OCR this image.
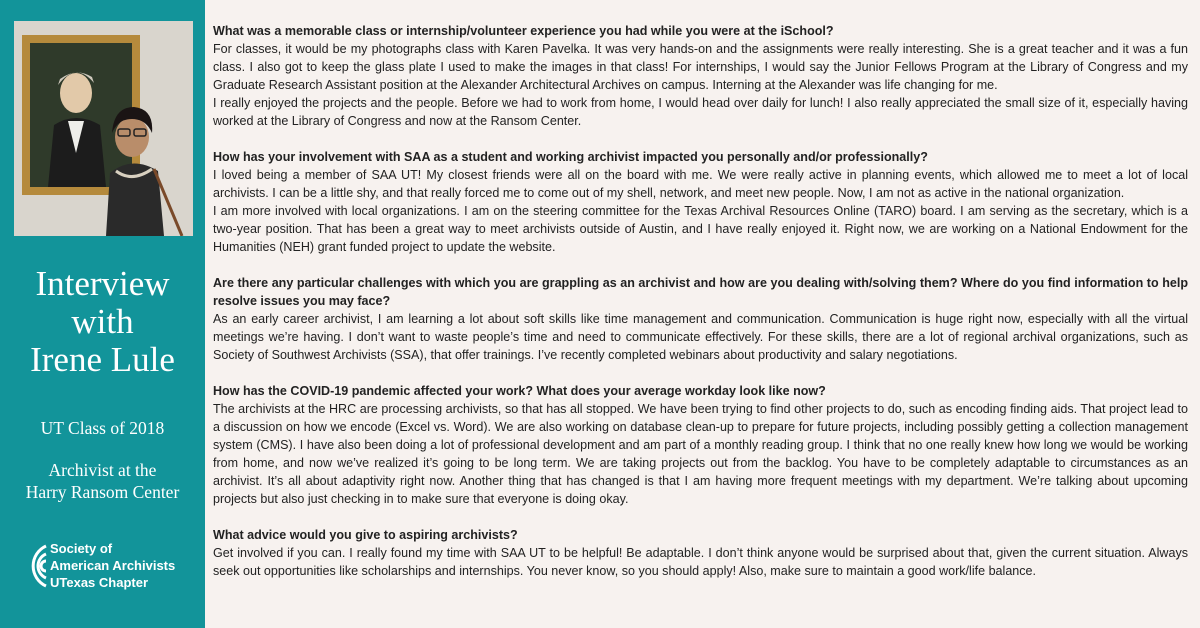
Interview
with
Irene Lule
UT Class of 2018
Archivist at the
Harry Ransom Center
Society of
American Archivists
UTexas Chapter

What was a memorable class or internship/volunteer experience you had while you were at the iSchool?

For classes, it would be my photographs class with Karen Pavelka. It was very hands-on and the assignments were really interesting. She is a great teacher and it was a fun class. I also got to keep the glass plate I used to make the images in that class! For internships, I would say the Junior Fellows Program at the Library of Congress and my Graduate Research Assistant position at the Alexander Architectural Archives on campus. Interning at the Alexander was life changing for me.

I really enjoyed the projects and the people. Before we had to work from home, I would head over daily for lunch! I also really appreciated the small size of it, especially having worked at the Library of Congress and now at the Ransom Center.

How has your involvement with SAA as a student and working archivist impacted you personally and/or professionally?

I loved being a member of SAA UT! My closest friends were all on the board with me. We were really active in planning events, which allowed me to meet a lot of local archivists. I can be a little shy, and that really forced me to come out of my shell, network, and meet new people. Now, I am not as active in the national organization.

I am more involved with local organizations. I am on the steering committee for the Texas Archival Resources Online (TARO) board. I am serving as the secretary, which is a two-year position. That has been a great way to meet archivists outside of Austin, and I have really enjoyed it. Right now, we are working on a National Endowment for the Humanities (NEH) grant funded project to update the website.

Are there any particular challenges with which you are grappling as an archivist and how are you dealing with/solving them? Where do you find information to help resolve issues you may face?

As an early career archivist, I am learning a lot about soft skills like time management and communication. Communication is huge right now, especially with all the virtual meetings we’re having. I don’t want to waste people’s time and need to communicate effectively. For these skills, there are a lot of regional archival organizations, such as Society of Southwest Archivists (SSA), that offer trainings. I’ve recently completed webinars about productivity and salary negotiations.

How has the COVID-19 pandemic affected your work? What does your average workday look like now?

The archivists at the HRC are processing archivists, so that has all stopped. We have been trying to find other projects to do, such as encoding finding aids. That project lead to a discussion on how we encode (Excel vs. Word). We are also working on database clean-up to prepare for future projects, including possibly getting a collection management system (CMS). I have also been doing a lot of professional development and am part of a monthly reading group. I think that no one really knew how long we would be working from home, and now we’ve realized it’s going to be long term. We are taking projects out from the backlog. You have to be completely adaptable to circumstances as an archivist. It’s all about adaptivity right now. Another thing that has changed is that I am having more frequent meetings with my department. We’re talking about upcoming projects but also just checking in to make sure that everyone is doing okay.

What advice would you give to aspiring archivists?

Get involved if you can. I really found my time with SAA UT to be helpful! Be adaptable. I don’t think anyone would be surprised about that, given the current situation. Always seek out opportunities like scholarships and internships. You never know, so you should apply! Also, make sure to maintain a good work/life balance.
